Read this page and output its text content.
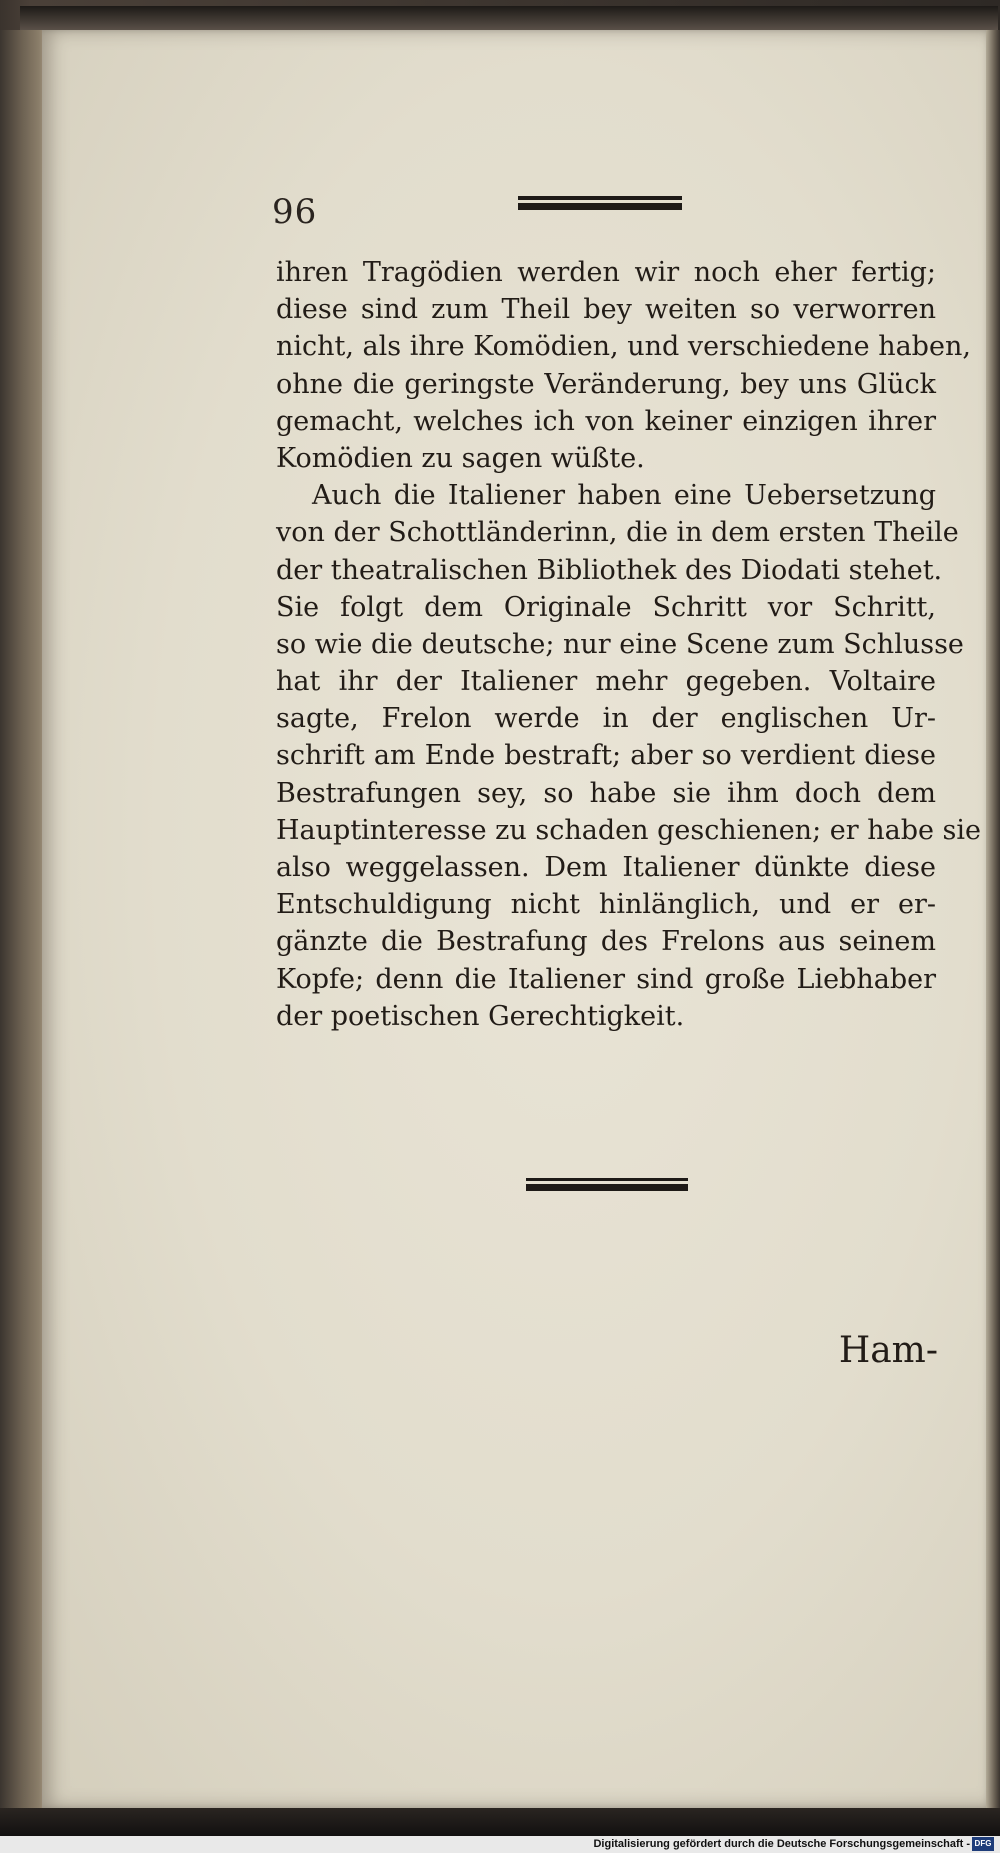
96
ihren Tragödien werden wir noch eher fertig;
diese sind zum Theil bey weiten so verworren
nicht, als ihre Komödien, und verschiedene haben,
ohne die geringste Veränderung, bey uns Glück
gemacht, welches ich von keiner einzigen ihrer
Komödien zu sagen wüßte.
Auch die Italiener haben eine Uebersetzung
von der Schottländerinn, die in dem ersten Theile
der theatralischen Bibliothek des Diodati stehet.
Sie folgt dem Originale Schritt vor Schritt,
so wie die deutsche; nur eine Scene zum Schlusse
hat ihr der Italiener mehr gegeben. Voltaire
sagte, Frelon werde in der englischen Ur-
schrift am Ende bestraft; aber so verdient diese
Bestrafungen sey, so habe sie ihm doch dem
Hauptinteresse zu schaden geschienen; er habe sie
also weggelassen. Dem Italiener dünkte diese
Entschuldigung nicht hinlänglich, und er er-
gänzte die Bestrafung des Frelons aus seinem
Kopfe; denn die Italiener sind große Liebhaber
der poetischen Gerechtigkeit.
Ham-
Digitalisierung gefördert durch die Deutsche Forschungsgemeinschaft - DFG
